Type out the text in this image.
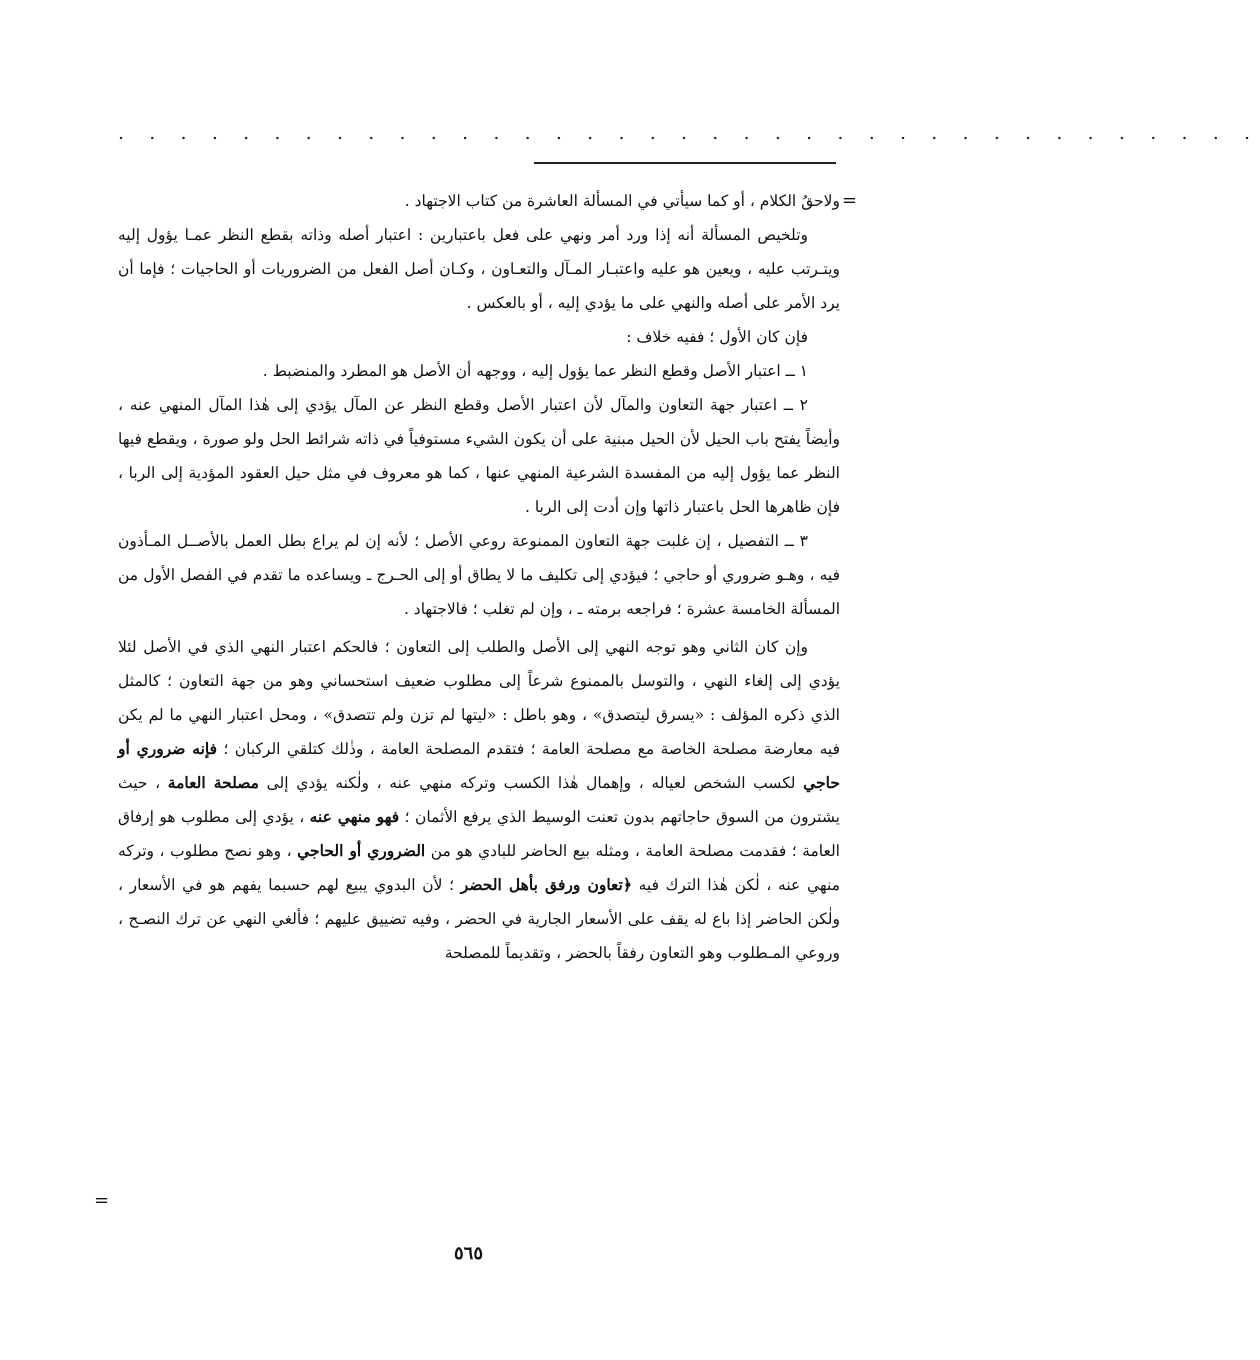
. . . . . . . . . . . . . . . . . . . . . . . . . . . . . . . . . . . . .
=

ولاحقُ الكلام ، أو كما سيأتي في المسألة العاشرة من كتاب الاجتهاد .

وتلخيص المسألة أنه إذا ورد أمر ونهي على فعل باعتبارين : اعتبار أصله وذاته بقطع النظر عمـا يؤول إليه ويتـرتب عليه ، ويعين هو عليه واعتبـار المـآل والتعـاون ، وكـان أصل الفعل من الضروريات أو الحاجيات ؛ فإما أن يرد الأمر على أصله والنهي على ما يؤدي إليه ، أو بالعكس .

فإن كان الأول ؛ ففيه خلاف :

١ ــ اعتبار الأصل وقطع النظر عما يؤول إليه ، ووجهه أن الأصل هو المطرد والمنضبط .

٢ ــ اعتبار جهة التعاون والمآل لأن اعتبار الأصل وقطع النظر عن المآل يؤدي إلى هٰذا المآل المنهي عنه ، وأيضاً يفتح باب الحيل لأن الحيل مبنية على أن يكون الشيء مستوفياً في ذاته شرائط الحل ولو صورة ، ويقطع فيها النظر عما يؤول إليه من المفسدة الشرعية المنهي عنها ، كما هو معروف في مثل حيل العقود المؤدية إلى الربا ، فإن ظاهرها الحل باعتبار ذاتها وإن أدت إلى الربا .

٣ ــ التفصيل ، إن غلبت جهة التعاون الممنوعة روعي الأصل ؛ لأنه إن لم يراع بطل العمل بالأصــل المـأذون فيه ، وهـو ضروري أو حاجي ؛ فيؤدي إلى تكليف ما لا يطاق أو إلى الحـرج ـ ويساعده ما تقدم في الفصل الأول من المسألة الخامسة عشرة ؛ فراجعه برمته ـ ، وإن لم تغلب ؛ فالاجتهاد .

وإن كان الثاني وهو توجه النهي إلى الأصل والطلب إلى التعاون ؛ فالحكم اعتبار النهي الذي في الأصل لئلا يؤدي إلى إلغاء النهي ، والتوسل بالممنوع شرعاً إلى مطلوب ضعيف استحساني وهو من جهة التعاون ؛ كالمثل الذي ذكره المؤلف : «يسرق ليتصدق» ، وهو باطل : «ليتها لم تزن ولم تتصدق» ، ومحل اعتبار النهي ما لم يكن فيه معارضة مصلحة الخاصة مع مصلحة العامة ؛ فتقدم المصلحة العامة ، وذٰلك كتلقي الركبان ؛ فإنه ضروري أو حاجي لكسب الشخص لعياله ، وإهمال هٰذا الكسب وتركه منهي عنه ، ولٰكنه يؤدي إلى مصلحة العامة ، حيث يشترون من السوق حاجاتهم بدون تعنت الوسيط الذي يرفع الأثمان ؛ فهو منهي عنه ، يؤدي إلى مطلوب هو إرفاق العامة ؛ فقدمت مصلحة العامة ، ومثله بيع الحاضر للبادي هو من الضروري أو الحاجي ، وهو نصح مطلوب ، وتركه منهي عنه ، لٰكن هٰذا الترك فيه ﴿تعاون ورفق بأهل الحضر ؛ لأن البدوي يبيع لهم حسبما يفهم هو في الأسعار ، ولٰكن الحاضر إذا باع له يقف على الأسعار الجارية في الحضر ، وفيه تضييق عليهم ؛ فألغي النهي عن ترك النصـح ، وروعي المـطلوب وهو التعاون رفقاً بالحضر ، وتقديماً للمصلحة

=
٥٦٥
